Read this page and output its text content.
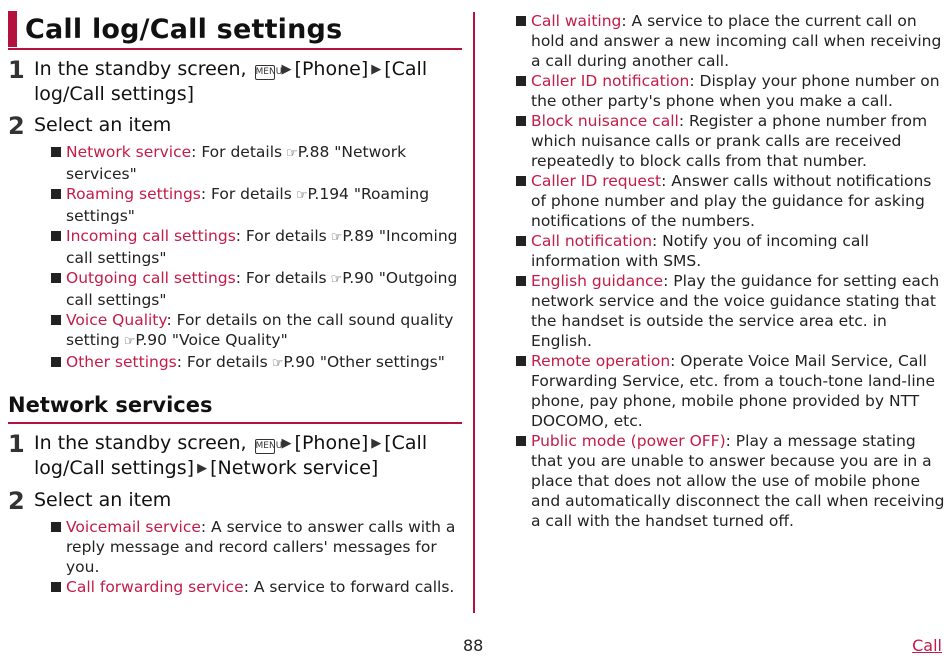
Call log/Call settings
1 In the standby screen, MENU▶ [Phone] ▶ [Call log/Call settings]
2 Select an item
Network service: For details ☞P.88 "Network services"
Roaming settings: For details ☞P.194 "Roaming settings"
Incoming call settings: For details ☞P.89 "Incoming call settings"
Outgoing call settings: For details ☞P.90 "Outgoing call settings"
Voice Quality: For details on the call sound quality setting ☞P.90 "Voice Quality"
Other settings: For details ☞P.90 "Other settings"
Network services
1 In the standby screen, MENU▶ [Phone] ▶ [Call log/Call settings] ▶ [Network service]
2 Select an item
Voicemail service: A service to answer calls with a reply message and record callers' messages for you.
Call forwarding service: A service to forward calls.
Call waiting: A service to place the current call on hold and answer a new incoming call when receiving a call during another call.
Caller ID notification: Display your phone number on the other party's phone when you make a call.
Block nuisance call: Register a phone number from which nuisance calls or prank calls are received repeatedly to block calls from that number.
Caller ID request: Answer calls without notifications of phone number and play the guidance for asking notifications of the numbers.
Call notification: Notify you of incoming call information with SMS.
English guidance: Play the guidance for setting each network service and the voice guidance stating that the handset is outside the service area etc. in English.
Remote operation: Operate Voice Mail Service, Call Forwarding Service, etc. from a touch-tone land-line phone, pay phone, mobile phone provided by NTT DOCOMO, etc.
Public mode (power OFF): Play a message stating that you are unable to answer because you are in a place that does not allow the use of mobile phone and automatically disconnect the call when receiving a call with the handset turned off.
88	Call
